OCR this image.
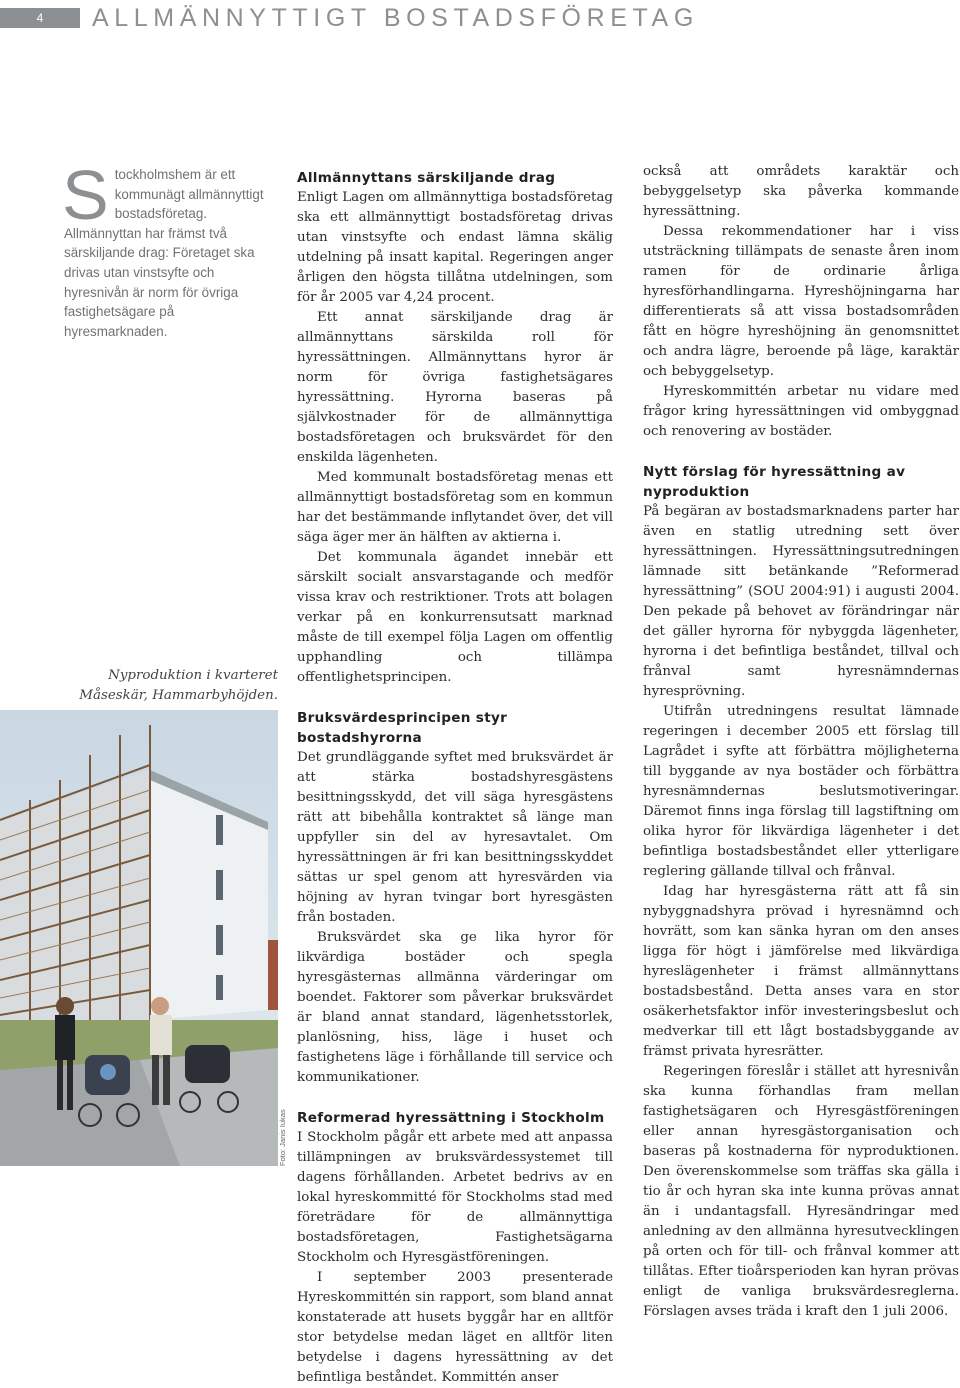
4	ALLMÄNNYTTIGT BOSTADSFÖRETAG
S tockholmshem är ett kommunägt allmännyttigt bostadsföretag. Allmännyttan har främst två särskiljande drag: Företaget ska drivas utan vinstsyfte och hyresnivån är norm för övriga fastighetsägare på hyresmarknaden.
Nyproduktion i kvarteret Måseskär, Hammarbyhöjden.
Foto: Janis Iukas
Allmännyttans särskiljande drag

Enligt Lagen om allmännyttiga bostadsföretag ska ett allmännyttigt bostadsföretag drivas utan vinstsyfte och endast lämna skälig utdelning på insatt kapital. Regeringen anger årligen den högsta tillåtna utdelningen, som för år 2005 var 4,24 procent.

Ett annat särskiljande drag är allmännyttans särskilda roll för hyressättningen. Allmännyttans hyror är norm för övriga fastighetsägares hyressättning. Hyrorna baseras på självkostnader för de allmännyttiga bostadsföretagen och bruksvärdet för den enskilda lägenheten.

Med kommunalt bostadsföretag menas ett allmännyttigt bostadsföretag som en kommun har det bestämmande inflytandet över, det vill säga äger mer än hälften av aktierna i.

Det kommunala ägandet innebär ett särskilt socialt ansvarstagande och medför vissa krav och restriktioner. Trots att bolagen verkar på en konkurrensutsatt marknad måste de till exempel följa Lagen om offentlig upphandling och tillämpa offentlighetsprincipen.

Bruksvärdesprincipen styr bostadshyrorna

Det grundläggande syftet med bruksvärdet är att stärka bostadshyresgästens besittningsskydd, det vill säga hyresgästens rätt att bibehålla kontraktet så länge man uppfyller sin del av hyresavtalet. Om hyressättningen är fri kan besittningsskyddet sättas ur spel genom att hyresvärden via höjning av hyran tvingar bort hyresgästen från bostaden.

Bruksvärdet ska ge lika hyror för likvärdiga bostäder och spegla hyresgästernas allmänna värderingar om boendet. Faktorer som påverkar bruksvärdet är bland annat standard, lägenhetsstorlek, planlösning, hiss, läge i huset och fastighetens läge i förhållande till service och kommunikationer.

Reformerad hyressättning i Stockholm

I Stockholm pågår ett arbete med att anpassa tillämpningen av bruksvärdessystemet till dagens förhållanden. Arbetet bedrivs av en lokal hyreskommitté för Stockholms stad med företrädare för de allmännyttiga bostadsföretagen, Fastighetsägarna Stockholm och Hyresgästföreningen.

I september 2003 presenterade Hyreskommittén sin rapport, som bland annat konstaterade att husets byggår har en alltför stor betydelse medan läget en alltför liten betydelse i dagens hyressättning av det befintliga beståndet. Kommittén anser

också att områdets karaktär och bebyggelsetyp ska påverka kommande hyressättning.

Dessa rekommendationer har i viss utsträckning tillämpats de senaste åren inom ramen för de ordinarie årliga hyresförhandlingarna. Hyreshöjningarna har differentierats så att vissa bostadsområden fått en högre hyreshöjning än genomsnittet och andra lägre, beroende på läge, karaktär och bebyggelsetyp.

Hyreskommittén arbetar nu vidare med frågor kring hyressättningen vid ombyggnad och renovering av bostäder.

Nytt förslag för hyressättning av nyproduktion

På begäran av bostadsmarknadens parter har även en statlig utredning sett över hyressättningen. Hyressättningsutredningen lämnade sitt betänkande ”Reformerad hyressättning” (SOU 2004:91) i augusti 2004. Den pekade på behovet av förändringar när det gäller hyrorna för nybyggda lägenheter, hyrorna i det befintliga beståndet, tillval och frånval samt hyresnämndernas hyresprövning.

Utifrån utredningens resultat lämnade regeringen i december 2005 ett förslag till Lagrådet i syfte att förbättra möjligheterna till byggande av nya bostäder och förbättra hyresnämndernas beslutsmotiveringar. Däremot finns inga förslag till lagstiftning om olika hyror för likvärdiga lägenheter i det befintliga bostadsbeståndet eller ytterligare reglering gällande tillval och frånval.

Idag har hyresgästerna rätt att få sin nybyggnadshyra prövad i hyresnämnd och hovrätt, som kan sänka hyran om den anses ligga för högt i jämförelse med likvärdiga hyreslägenheter i främst allmännyttans bostadsbestånd. Detta anses vara en stor osäkerhetsfaktor inför investeringsbeslut och medverkar till ett lågt bostadsbyggande av främst privata hyresrätter.

Regeringen föreslår i stället att hyresnivån ska kunna förhandlas fram mellan fastighetsägaren och Hyresgästföreningen eller annan hyresgästorganisation och baseras på kostnaderna för nyproduktionen. Den överenskommelse som träffas ska gälla i tio år och hyran ska inte kunna prövas annat än i undantagsfall. Hyresändringar med anledning av den allmänna hyresutvecklingen på orten och för till- och frånval kommer att tillåtas. Efter tioårsperioden kan hyran prövas enligt de vanliga bruksvärdesreglerna. Förslagen avses träda i kraft den 1 juli 2006.
